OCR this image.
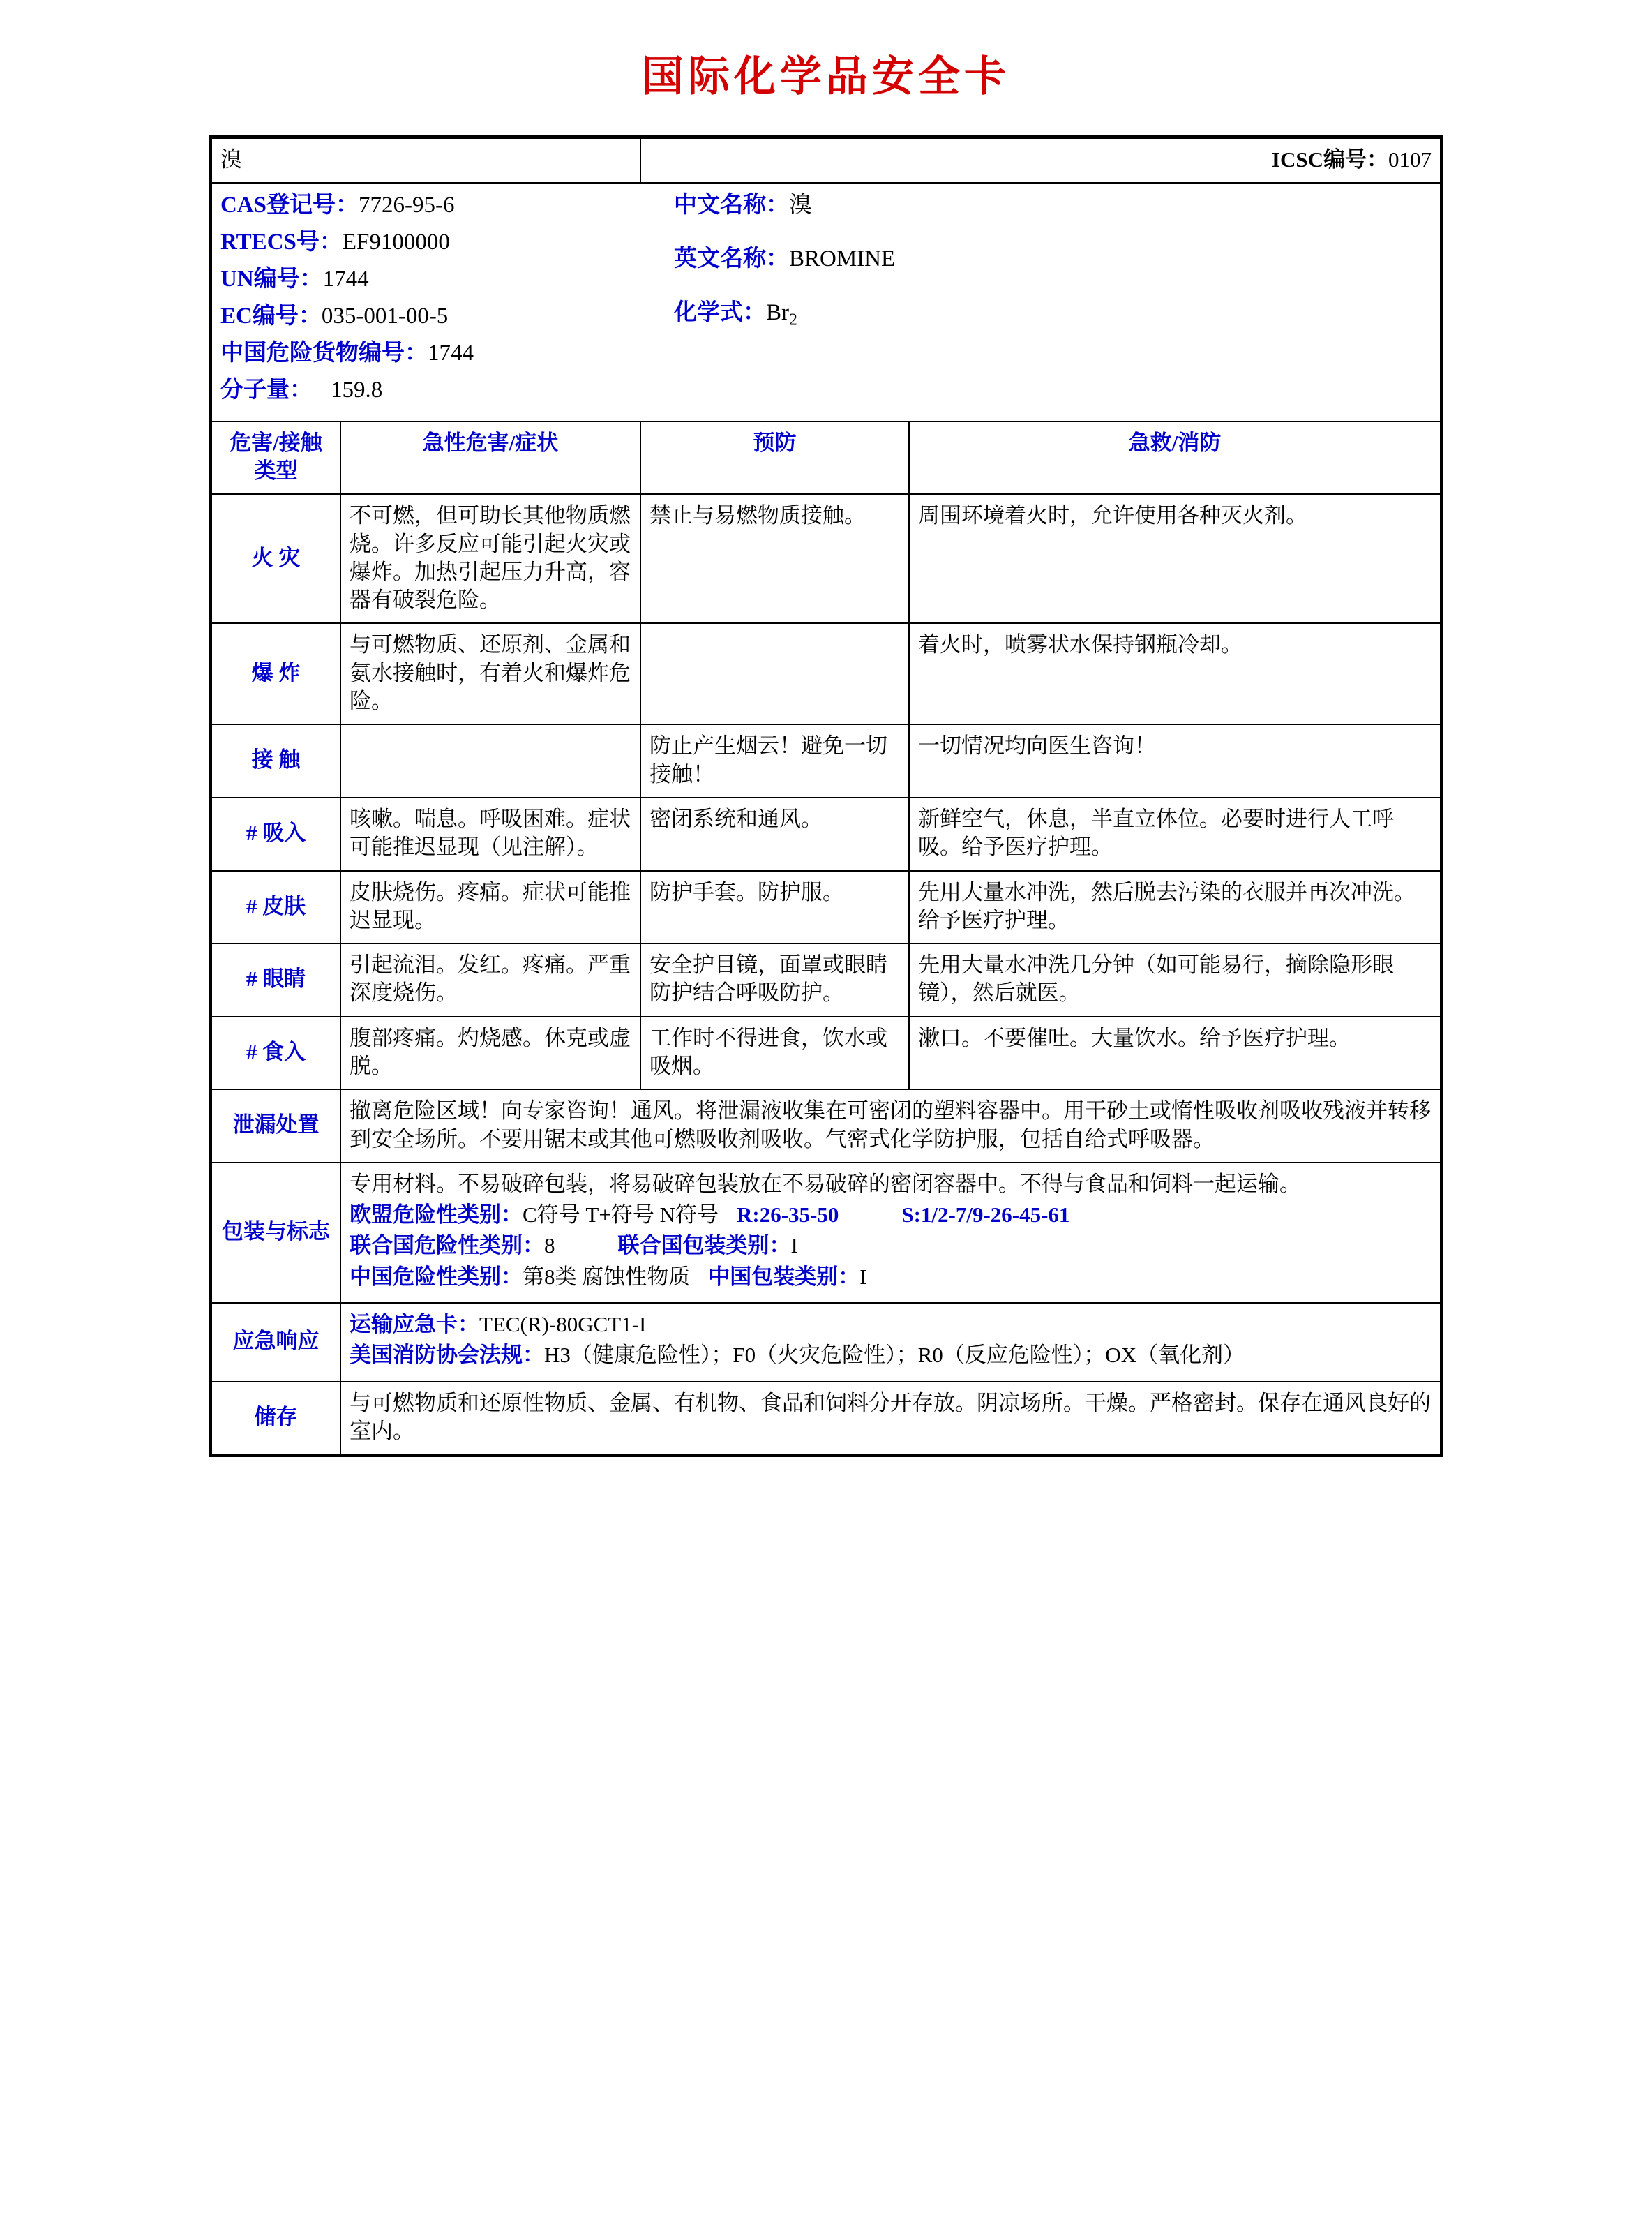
国际化学品安全卡
溴		ICSC编号：0107	

CAS登记号：7726-95-6
RTECS号：EF9100000
UN编号：1744
EC编号：035-001-00-5
中国危险货物编号：1744
分子量： 159.8
中文名称：溴
英文名称：BROMINE
化学式：$Br_2$

危害/接触
类型	急性危害/症状	预防	急救/消防
火 灾	不可燃，但可助长其他物质燃烧。许多反应可能引起火灾或爆炸。加热引起压力升高，容器有破裂危险。	禁止与易燃物质接触。	周围环境着火时，允许使用各种灭火剂。
爆 炸	与可燃物质、还原剂、金属和氨水接触时，有着火和爆炸危险。		着火时，喷雾状水保持钢瓶冷却。
接 触		防止产生烟云！避免一切接触！	一切情况均向医生咨询！
# 吸入	咳嗽。喘息。呼吸困难。症状可能推迟显现（见注解）。	密闭系统和通风。	新鲜空气，休息，半直立体位。必要时进行人工呼吸。给予医疗护理。
# 皮肤	皮肤烧伤。疼痛。症状可能推迟显现。	防护手套。防护服。	先用大量水冲洗，然后脱去污染的衣服并再次冲洗。给予医疗护理。
# 眼睛	引起流泪。发红。疼痛。严重深度烧伤。	安全护目镜，面罩或眼睛防护结合呼吸防护。	先用大量水冲洗几分钟（如可能易行，摘除隐形眼镜），然后就医。
# 食入	腹部疼痛。灼烧感。休克或虚脱。	工作时不得进食，饮水或吸烟。	漱口。不要催吐。大量饮水。给予医疗护理。
泄漏处置	撤离危险区域！向专家咨询！通风。将泄漏液收集在可密闭的塑料容器中。用干砂土或惰性吸收剂吸收残液并转移到安全场所。不要用锯末或其他可燃吸收剂吸收。气密式化学防护服，包括自给式呼吸器。		
包装与标志	专用材料。不易破碎包装，将易破碎包装放在不易破碎的密闭容器中。不得与食品和饲料一起运输。
欧盟危险性类别：C符号 T+符号 N符号 R:26-35-50 S:1/2-7/9-26-45-61
联合国危险性类别：8 联合国包装类别：I
中国危险性类别：第8类 腐蚀性物质 中国包装类别：I		

应急响应	运输应急卡：TEC(R)-80GCT1-I
美国消防协会法规：H3（健康危险性）；F0（火灾危险性）；R0（反应危险性）；OX（氧化剂）		

储存	与可燃物质和还原性物质、金属、有机物、食品和饲料分开存放。阴凉场所。干燥。严格密封。保存在通风良好的室内。		
